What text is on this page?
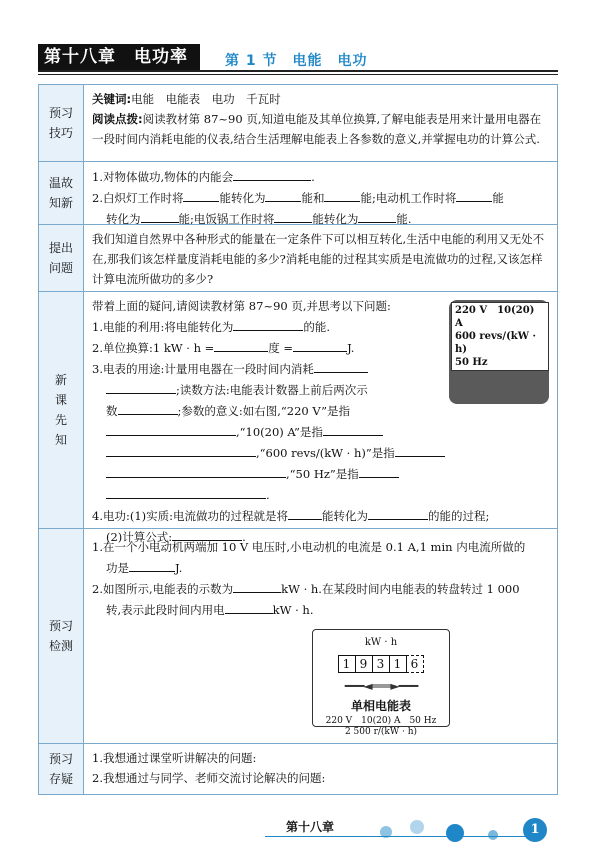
第十八章　电功率	第 1 节　电能　电功
预习
技巧

关键词:电能　电能表　电功　千瓦时

阅读点拨:阅读教材第 87~90 页,知道电能及其单位换算,了解电能表是用来计量用电器在一段时间内消耗电能的仪表,结合生活理解电能表上各参数的意义,并掌握电功的计算公式.

温故
知新

1.对物体做功,物体的内能会	.

2.白炽灯工作时将	能转化为	能和	能;电动机工作时将	能

转化为	能;电饭锅工作时将	能转化为	能.

提出
问题

我们知道自然界中各种形式的能量在一定条件下可以相互转化,生活中电能的利用又无处不在,那我们该怎样量度消耗电能的多少?消耗电能的过程其实质是电流做功的过程,又该怎样计算电流所做功的多少?

新
课
先
知
220 V　10(20) A
600 revs/(kW · h)
50 Hz

带着上面的疑问,请阅读教材第 87~90 页,并思考以下问题:

1.电能的利用:将电能转化为	的能.

2.单位换算:1 kW · h =	度 =	J.

3.电表的用途:计量用电器在一段时间内消耗

;读数方法:电能表计数器上前后两次示

数	;参数的意义:如右图,“220 V”是指

,“10(20) A”是指

,“600 revs/(kW · h)”是指

,“50 Hz”是指

.

4.电功:(1)实质:电流做功的过程就是将	能转化为	的能的过程;

(2)计算公式:	.

预习
检测

1.在一个小电动机两端加 10 V 电压时,小电动机的电流是 0.1 A,1 min 内电流所做的

功是	J.

2.如图所示,电能表的示数为	kW · h.在某段时间内电能表的转盘转过 1 000

转,表示此段时间内用电	kW · h.

kW · h
1 9 3 1 6
━━━◄═══►━━━
单相电能表
220 V　10(20) A　50 Hz
2 500 r/(kW · h)
预习
存疑

1.我想通过课堂听讲解决的问题:

2.我想通过与同学、老师交流讨论解决的问题:

第十八章	1
